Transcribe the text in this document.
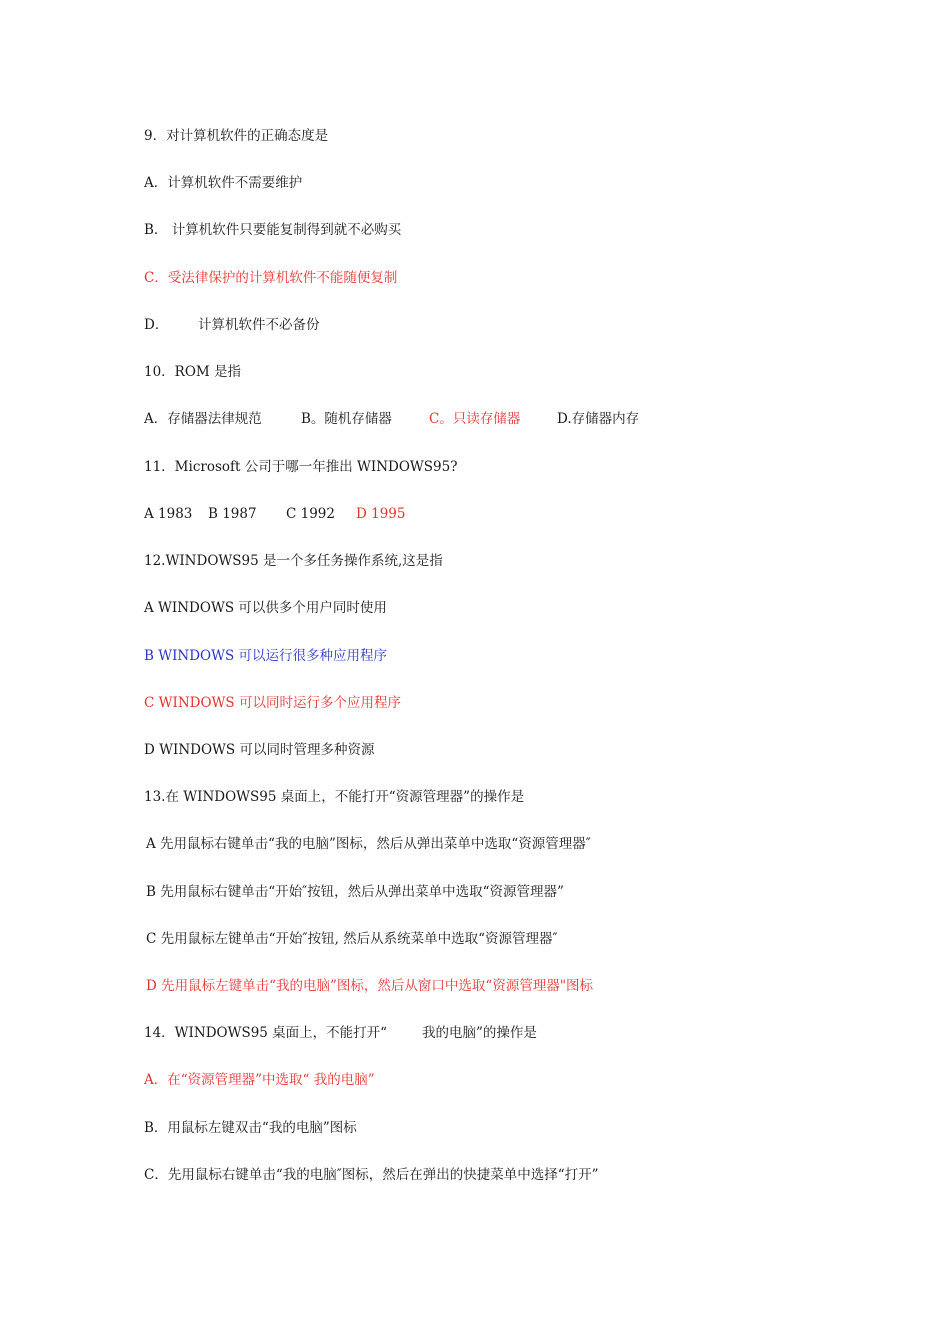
9．对计算机软件的正确态度是
A．计算机软件不需要维护
B． 计算机软件只要能复制得到就不必购买
C．受法律保护的计算机软件不能随便复制
D． 计算机软件不必备份
10．ROM 是指
A．存储器法律规范	B。随机存储器	C。只读存储器	D.存储器内存
11．Microsoft 公司于哪一年推出 WINDOWS95?
A 1983 B 1987 C 1992 D 1995
12.WINDOWS95 是一个多任务操作系统,这是指
A WINDOWS 可以供多个用户同时使用
B WINDOWS 可以运行很多种应用程序
C WINDOWS 可以同时运行多个应用程序
D WINDOWS 可以同时管理多种资源
13.在 WINDOWS95 桌面上，不能打开“资源管理器”的操作是
A 先用鼠标右键单击“我的电脑”图标，然后从弹出菜单中选取“资源管理器″
B 先用鼠标右键单击“开始″按钮，然后从弹出菜单中选取“资源管理器”
C 先用鼠标左键单击“开始″按钮, 然后从系统菜单中选取“资源管理器″
D 先用鼠标左键单击“我的电脑”图标，然后从窗口中选取“资源管理器"图标
14．WINDOWS95 桌面上，不能打开“	我的电脑”的操作是
A．在“资源管理器”中选取“ 我的电脑”
B．用鼠标左键双击“我的电脑”图标
C．先用鼠标右键单击“我的电脑″图标，然后在弹出的快捷菜单中选择“打开”
